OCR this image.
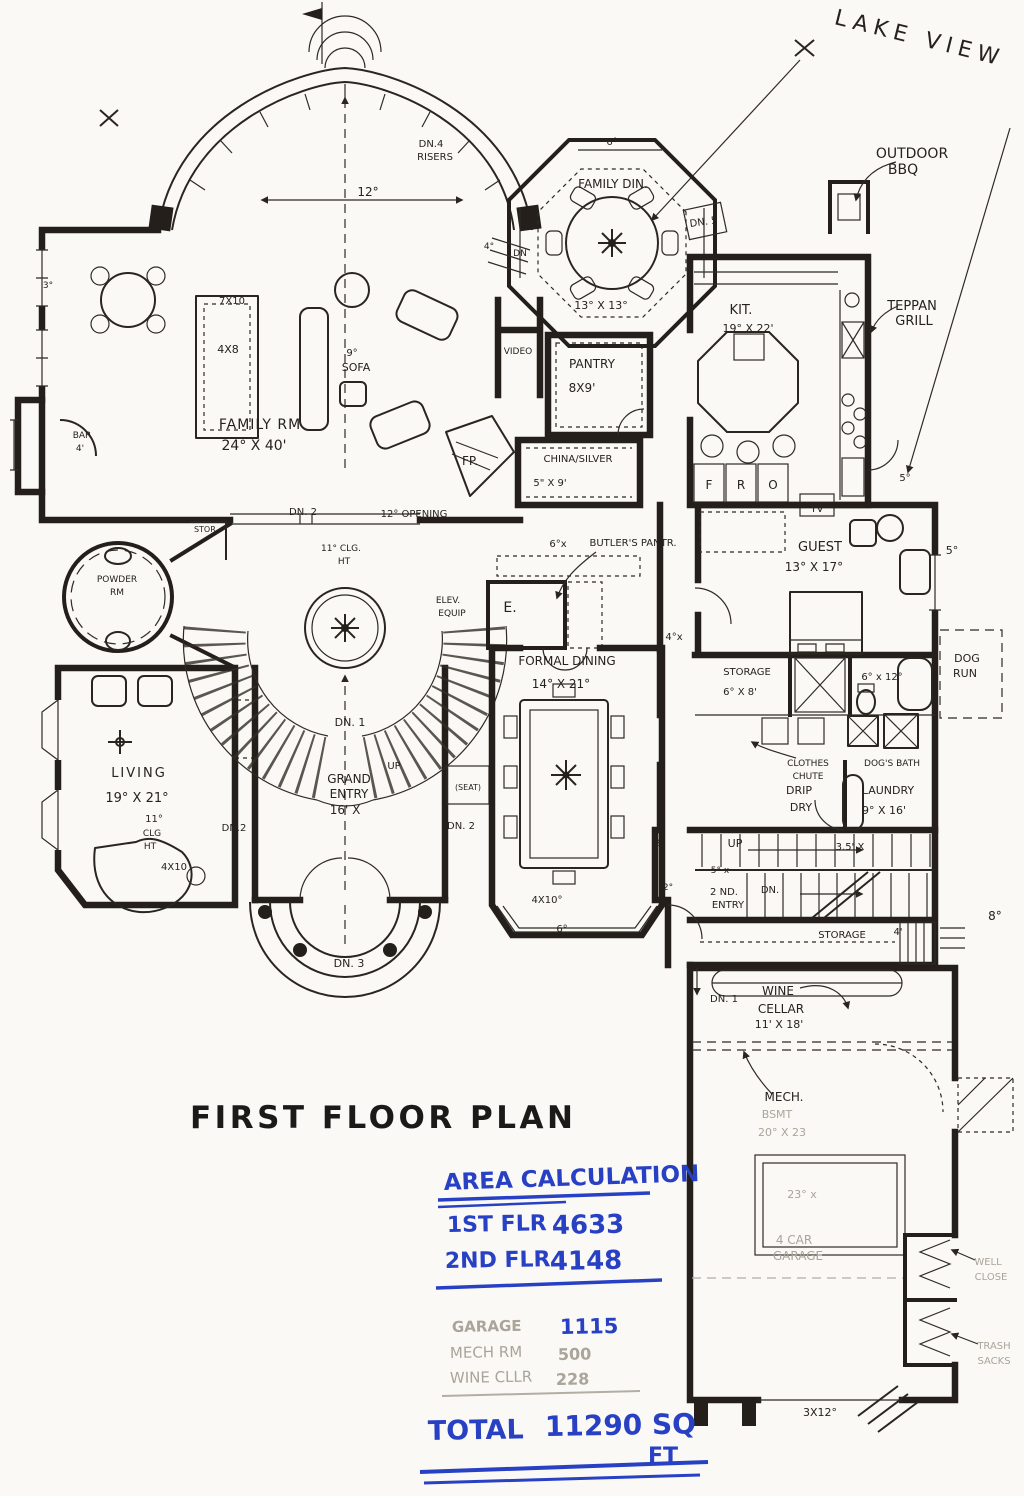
LAKE VIEW
OUTDOOR
BBQ
TEPPAN
GRILL
DN.4
RISERS
12°
6°
FAMILY DIN.
13° X 13°
DN. 5
4°
DN
FAMILY RM
24° X 40'
7X10
4X8	9°
SOFA
BAR
4'
3°
DN. 2	12° OPENING
VIDEO
PANTRY
8X9'
CHINA/SILVER
5" X 9'
FP.
KIT.
19° X 22'
5°
F R O
TV
11° CLG.
HT
STOR.
6°x BUTLER'S PANTR.
POWDER
RM
GUEST
13° X 17°
5°
ELEV.
EQUIP	E.
4°x
FORMAL DINING
14° X 21°
STORAGE
6° X 8'
6° x 12°
DOG
RUN
LIVING
19° X 21°
11°
CLG
HT
4X10
DN.2
DN. 1
UP
GRAND
ENTRY
16' X
(SEAT)
DN. 2
DN. 3
4X10°
6°
CLOTHES
CHUTE
DOG'S BATH
DRIP
DRY
LAUNDRY
9° X 16'
2°	UP	3.5' X
5° x
2 ND.
ENTRY
DN.
2°
STORAGE	4'
8°
DN. 1
WINE
CELLAR
11' X 18'
MECH.
BSMT
20° X 23
23° x
4 CAR
GARAGE	WELL
CLOSE
TRASH
SACKS
3X12°
FIRST FLOOR PLAN
AREA CALCULATION
1ST FLR 4633
2ND FLR
4148
GARAGE 1115
MECH RM 500
WINE CLLR 228
TOTAL 11290 SQ
FT
